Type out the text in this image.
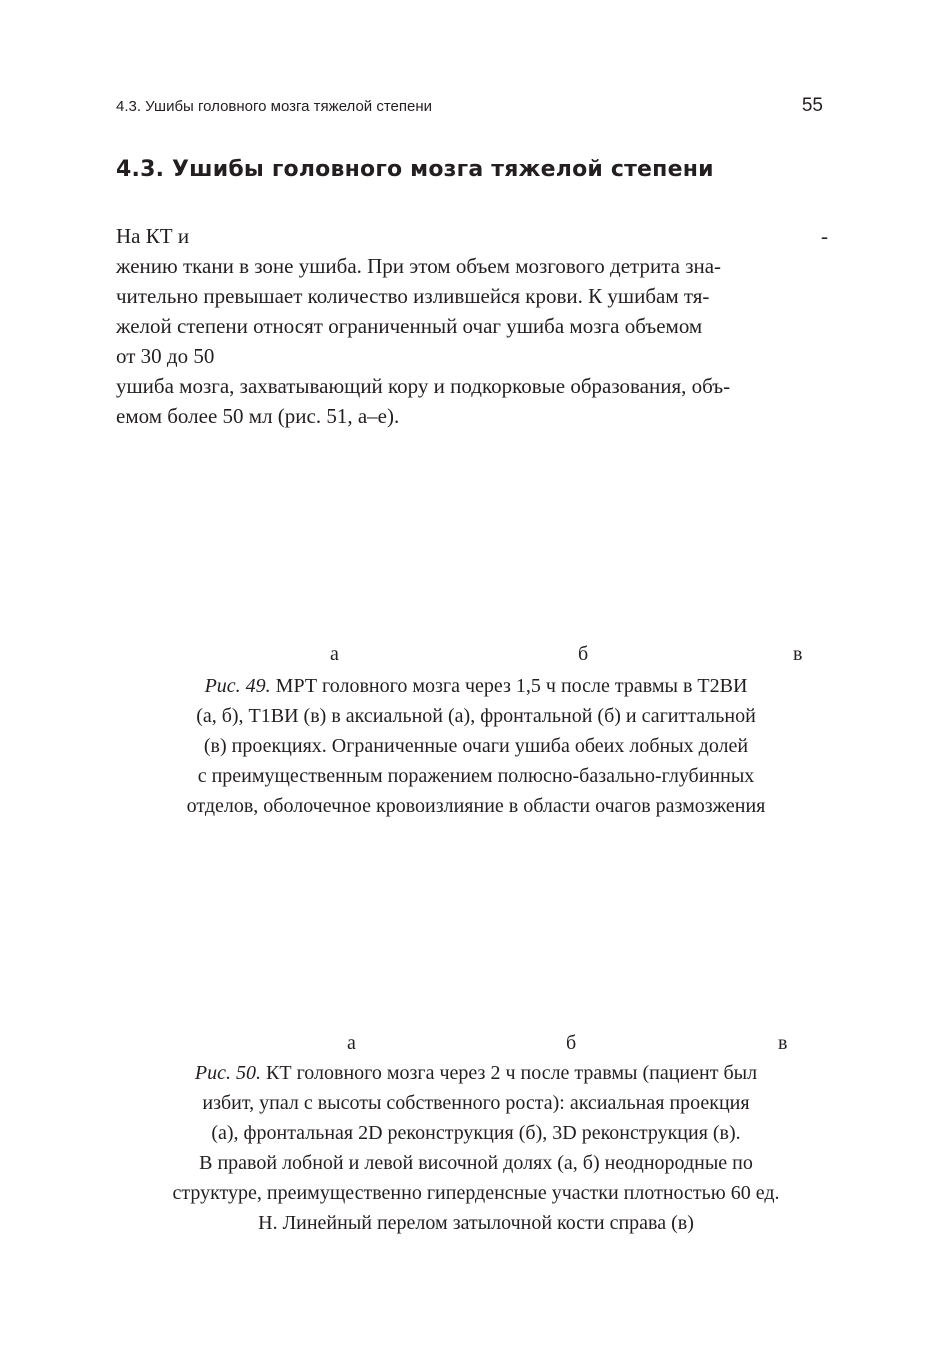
4.3. Ушибы головного мозга тяжелой степени	55
4.3. Ушибы головного мозга тяжелой степени
На КТ и	-
жению ткани в зоне ушиба. При этом объем мозгового детрита зна-
чительно превышает количество излившейся крови. К ушибам тя-
желой степени относят ограниченный очаг ушиба мозга объемом
от 30 до 50
ушиба мозга, захватывающий кору и подкорковые образования, объ-
емом более 50 мл (рис. 51, а–е).
а	б	в
Рис. 49. МРТ головного мозга через 1,5 ч после травмы в Т2ВИ
(а, б), Т1ВИ (в) в аксиальной (а), фронтальной (б) и сагиттальной
(в) проекциях. Ограниченные очаги ушиба обеих лобных долей
с преимущественным поражением полюсно-базально-глубинных
отделов, оболочечное кровоизлияние в области очагов размозжения
а	б	в
Рис. 50. КТ головного мозга через 2 ч после травмы (пациент был
избит, упал с высоты собственного роста): аксиальная проекция
(а), фронтальная 2D реконструкция (б), 3D реконструкция (в).
В правой лобной и левой височной долях (а, б) неоднородные по
структуре, преимущественно гиперденсные участки плотностью 60 ед.
Н. Линейный перелом затылочной кости справа (в)
